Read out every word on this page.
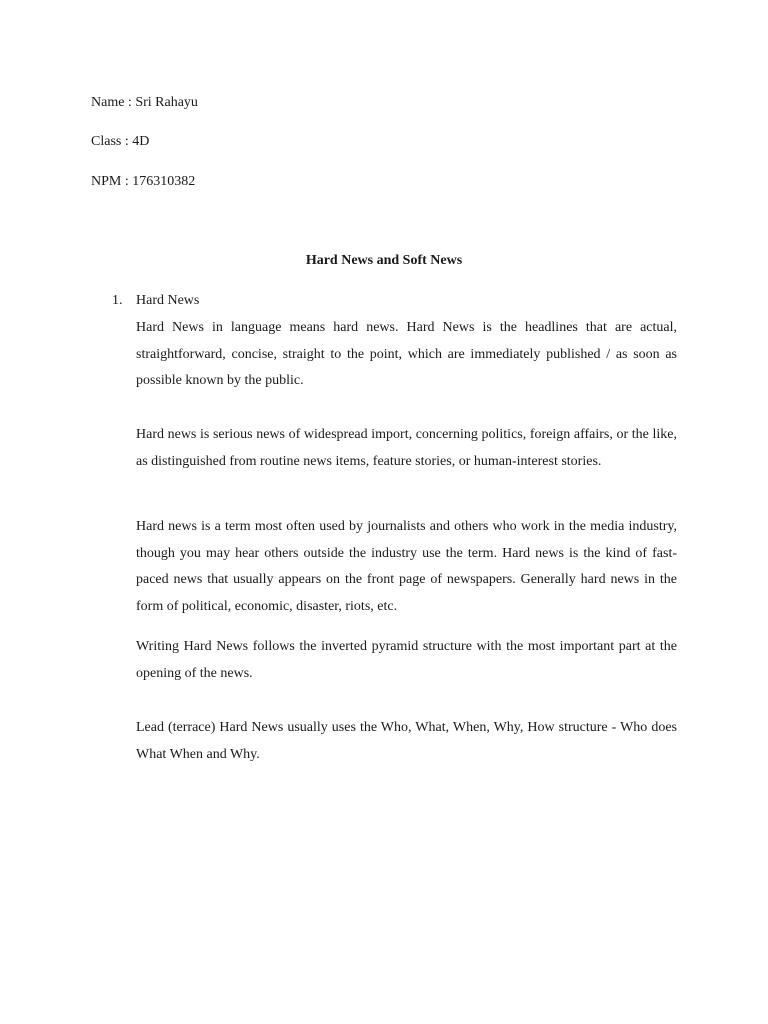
Name : Sri Rahayu
Class : 4D
NPM : 176310382
Hard News and Soft News
1. Hard News

Hard News in language means hard news. Hard News is the headlines that are actual, straightforward, concise, straight to the point, which are immediately published / as soon as possible known by the public.

Hard news is serious news of widespread import, concerning politics, foreign affairs, or the like, as distinguished from routine news items, feature stories, or human-interest stories.

Hard news is a term most often used by journalists and others who work in the media industry, though you may hear others outside the industry use the term. Hard news is the kind of fast-paced news that usually appears on the front page of newspapers. Generally hard news in the form of political, economic, disaster, riots, etc.

Writing Hard News follows the inverted pyramid structure with the most important part at the opening of the news.

Lead (terrace) Hard News usually uses the Who, What, When, Why, How structure - Who does What When and Why.
